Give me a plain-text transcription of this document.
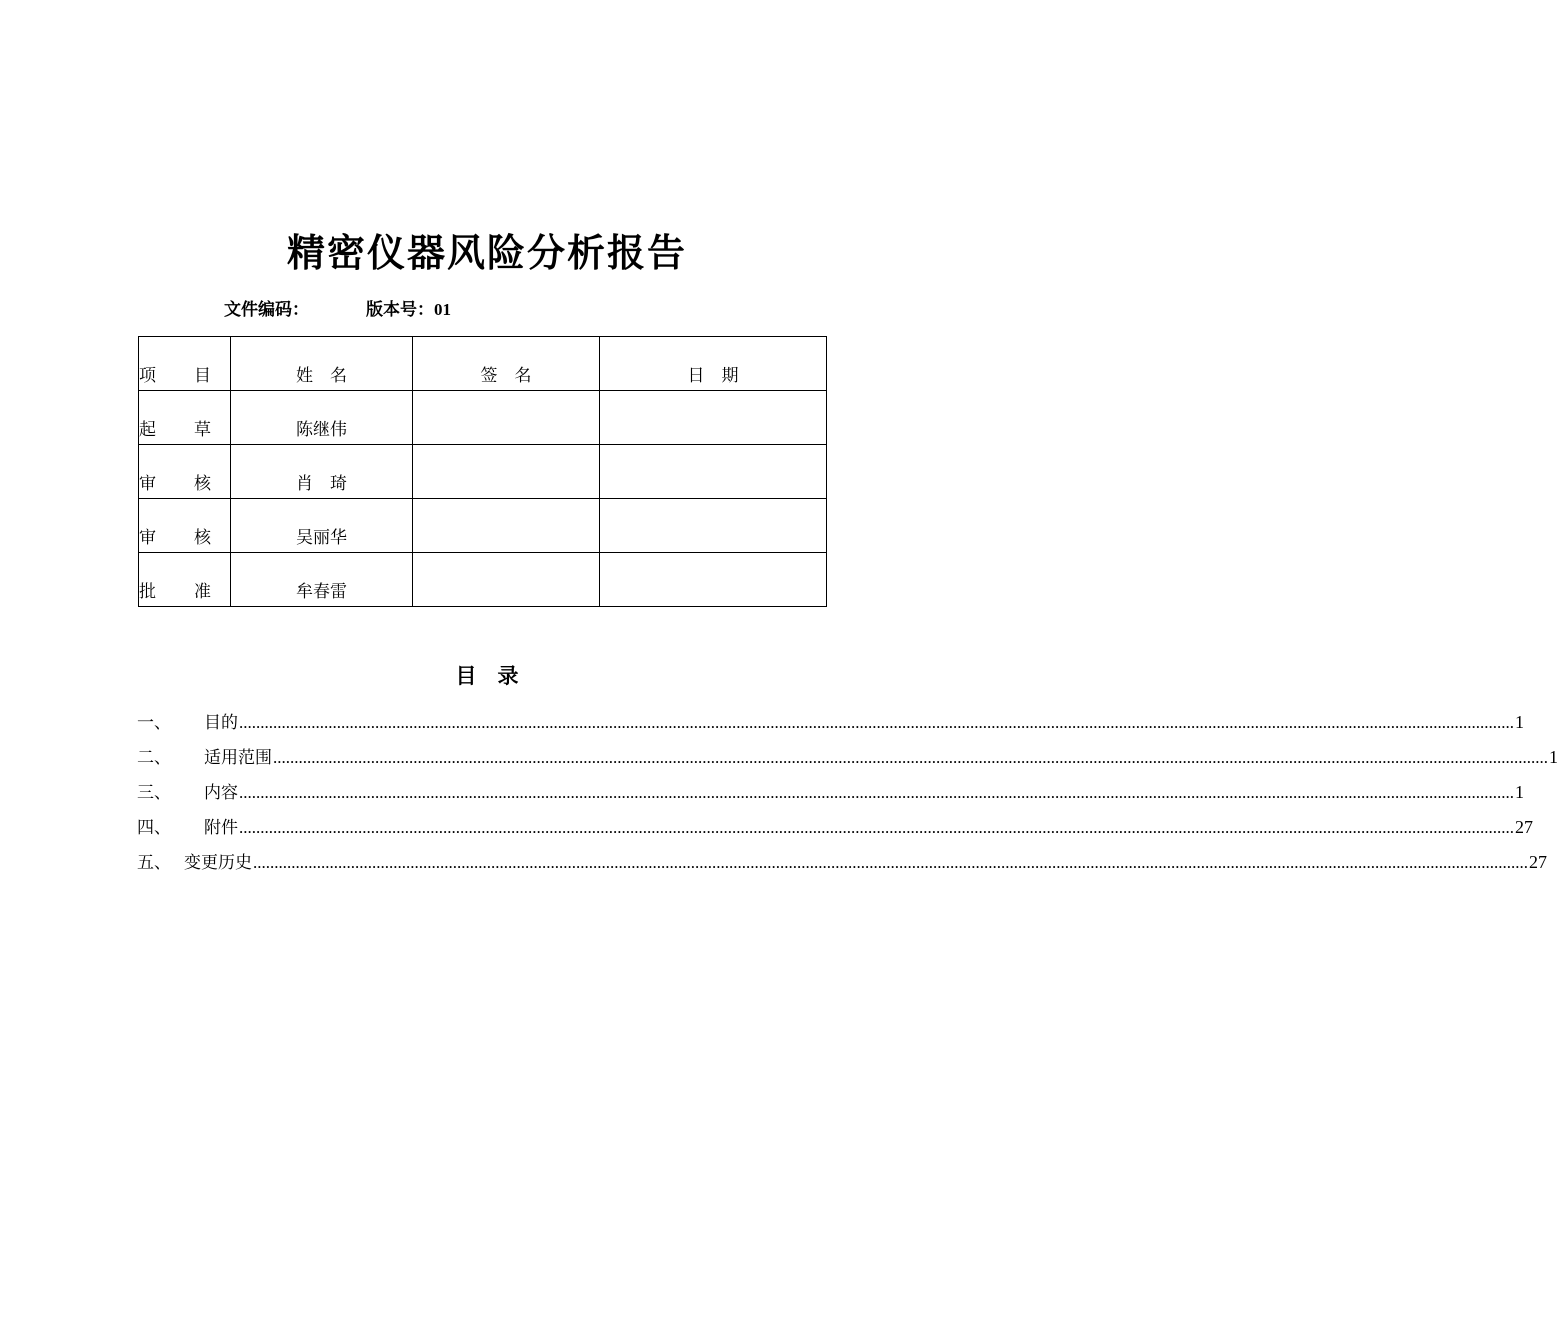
精密仪器风险分析报告
文件编码：	版本号：01
项 目	姓　名	签　名	日　期
起 草	陈继伟		
审 核	肖　琦		
审 核	吴丽华		
批 准	牟春雷		
目　录
一、	目的 ............................................................................................................................................................................................................................................................................................................ 1
二、	适用范围 ............................................................................................................................................................................................................................................................................................................ 1
三、	内容 ............................................................................................................................................................................................................................................................................................................ 1
四、	附件 ............................................................................................................................................................................................................................................................................................................ 27
五、 变更历史 ............................................................................................................................................................................................................................................................................................................ 27
